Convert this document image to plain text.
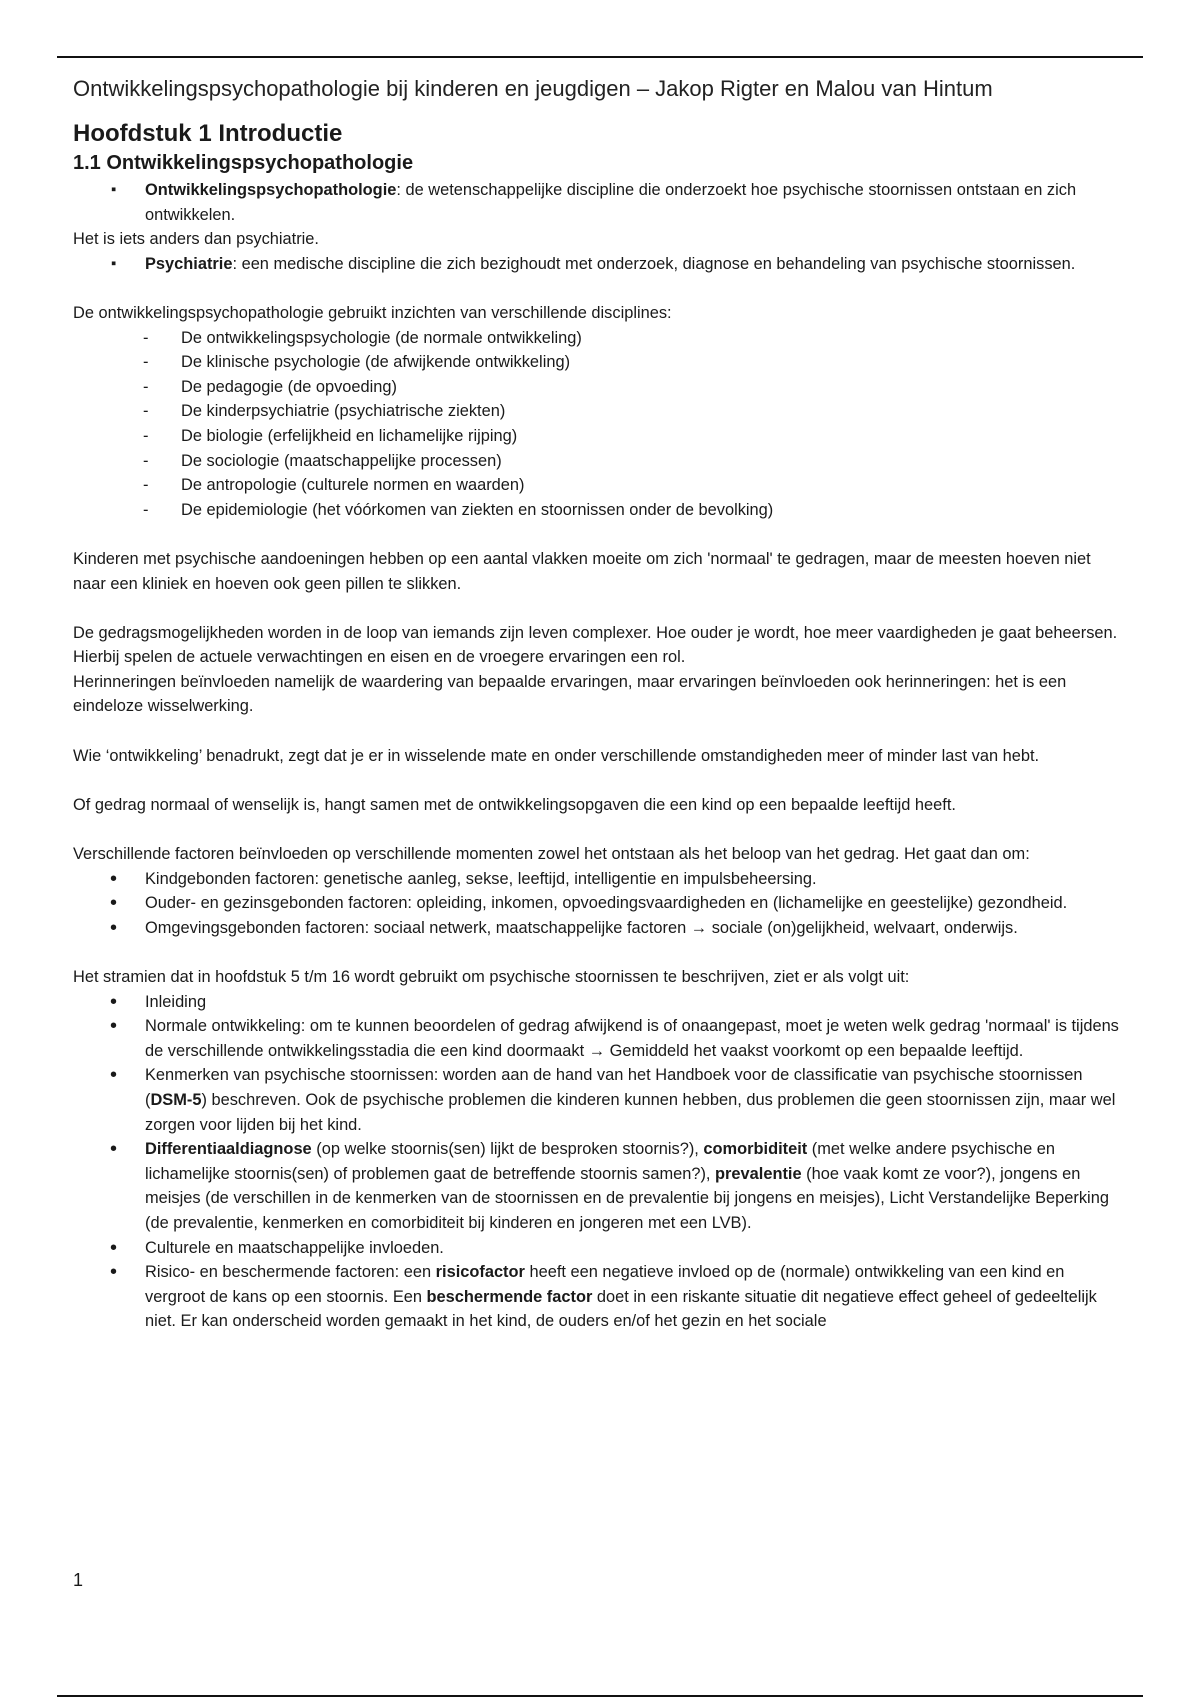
Ontwikkelingspsychopathologie bij kinderen en jeugdigen – Jakop Rigter en Malou van Hintum
Hoofdstuk 1 Introductie
1.1 Ontwikkelingspsychopathologie
▪ Ontwikkelingspsychopathologie: de wetenschappelijke discipline die onderzoekt hoe psychische stoornissen ontstaan en zich ontwikkelen.

Het is iets anders dan psychiatrie.

▪ Psychiatrie: een medische discipline die zich bezighoudt met onderzoek, diagnose en behandeling van psychische stoornissen.

De ontwikkelingspsychopathologie gebruikt inzichten van verschillende disciplines:

- De ontwikkelingspsychologie (de normale ontwikkeling)
- De klinische psychologie (de afwijkende ontwikkeling)
- De pedagogie (de opvoeding)
- De kinderpsychiatrie (psychiatrische ziekten)
- De biologie (erfelijkheid en lichamelijke rijping)
- De sociologie (maatschappelijke processen)
- De antropologie (culturele normen en waarden)
- De epidemiologie (het vóórkomen van ziekten en stoornissen onder de bevolking)

Kinderen met psychische aandoeningen hebben op een aantal vlakken moeite om zich 'normaal' te gedragen, maar de meesten hoeven niet naar een kliniek en hoeven ook geen pillen te slikken.

De gedragsmogelijkheden worden in de loop van iemands zijn leven complexer. Hoe ouder je wordt, hoe meer vaardigheden je gaat beheersen. Hierbij spelen de actuele verwachtingen en eisen en de vroegere ervaringen een rol.

Herinneringen beïnvloeden namelijk de waardering van bepaalde ervaringen, maar ervaringen beïnvloeden ook herinneringen: het is een eindeloze wisselwerking.

Wie ‘ontwikkeling’ benadrukt, zegt dat je er in wisselende mate en onder verschillende omstandigheden meer of minder last van hebt.

Of gedrag normaal of wenselijk is, hangt samen met de ontwikkelingsopgaven die een kind op een bepaalde leeftijd heeft.

Verschillende factoren beïnvloeden op verschillende momenten zowel het ontstaan als het beloop van het gedrag. Het gaat dan om:

• Kindgebonden factoren: genetische aanleg, sekse, leeftijd, intelligentie en impulsbeheersing.
• Ouder- en gezinsgebonden factoren: opleiding, inkomen, opvoedingsvaardigheden en (lichamelijke en geestelijke) gezondheid.
• Omgevingsgebonden factoren: sociaal netwerk, maatschappelijke factoren → sociale (on)gelijkheid, welvaart, onderwijs.

Het stramien dat in hoofdstuk 5 t/m 16 wordt gebruikt om psychische stoornissen te beschrijven, ziet er als volgt uit:

• Inleiding
• Normale ontwikkeling: om te kunnen beoordelen of gedrag afwijkend is of onaangepast, moet je weten welk gedrag 'normaal' is tijdens de verschillende ontwikkelingsstadia die een kind doormaakt → Gemiddeld het vaakst voorkomt op een bepaalde leeftijd.
• Kenmerken van psychische stoornissen: worden aan de hand van het Handboek voor de classificatie van psychische stoornissen (DSM-5) beschreven. Ook de psychische problemen die kinderen kunnen hebben, dus problemen die geen stoornissen zijn, maar wel zorgen voor lijden bij het kind.
• Differentiaaldiagnose (op welke stoornis(sen) lijkt de besproken stoornis?), comorbiditeit (met welke andere psychische en lichamelijke stoornis(sen) of problemen gaat de betreffende stoornis samen?), prevalentie (hoe vaak komt ze voor?), jongens en meisjes (de verschillen in de kenmerken van de stoornissen en de prevalentie bij jongens en meisjes), Licht Verstandelijke Beperking (de prevalentie, kenmerken en comorbiditeit bij kinderen en jongeren met een LVB).
• Culturele en maatschappelijke invloeden.
• Risico- en beschermende factoren: een risicofactor heeft een negatieve invloed op de (normale) ontwikkeling van een kind en vergroot de kans op een stoornis. Een beschermende factor doet in een riskante situatie dit negatieve effect geheel of gedeeltelijk niet. Er kan onderscheid worden gemaakt in het kind, de ouders en/of het gezin en het sociale
1
